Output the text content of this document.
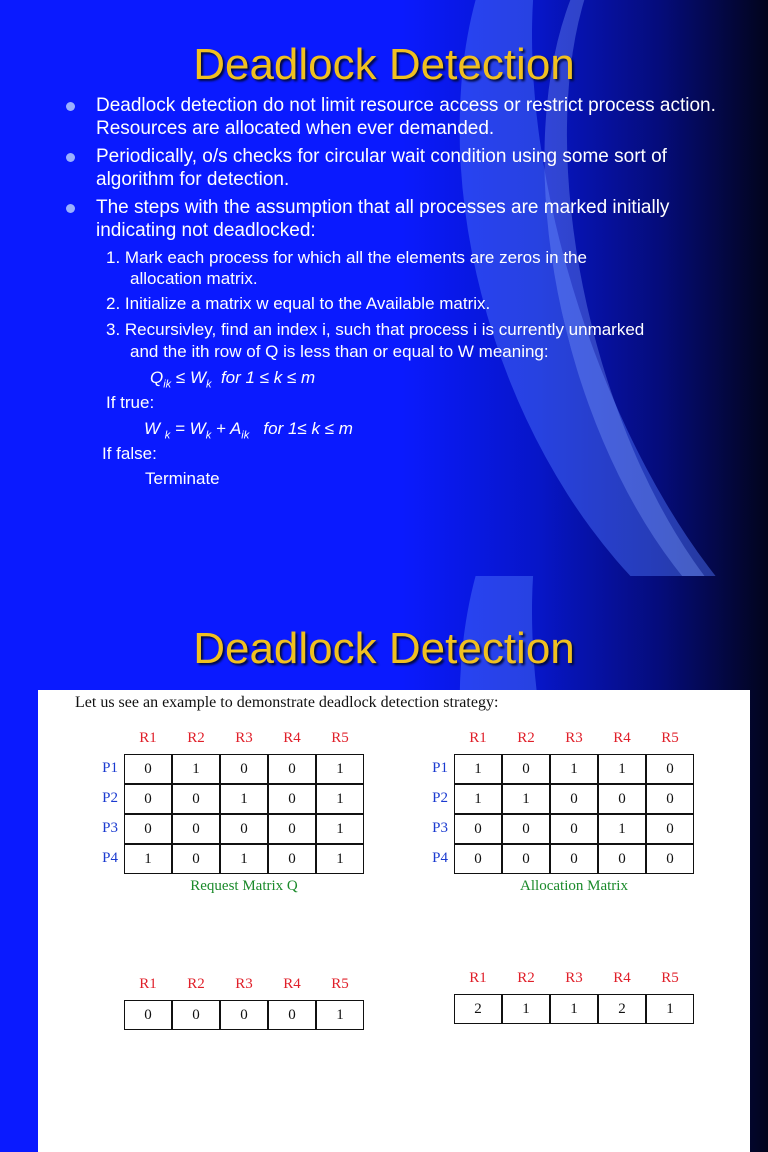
Deadlock Detection
Deadlock detection do not limit resource access or restrict process action. Resources are allocated when ever demanded.
Periodically, o/s checks for circular wait condition using some sort of algorithm for detection.
The steps with the assumption that all processes are marked initially indicating not deadlocked:
1. Mark each process for which all the elements are zeros in the
allocation matrix.
2. Initialize a matrix w equal to the Available matrix.
3. Recursivley, find an index i, such that process i is currently unmarked
and the ith row of Q is less than or equal to W meaning:
$Q_{ik} \le W_k$  for 1 ≤ k ≤ m
If true:
W $_k = W_k + A_{ik}$   for 1≤ k ≤ m
If false:
Terminate
Deadlock Detection
Let us see an example to demonstrate deadlock detection strategy:
R1	R2	R3	R4	R5
P1	0	1	0	0	1
P2	0	0	1	0	1
P3	0	0	0	0	1
P4	1	0	1	0	1
Request Matrix Q
R1	R2	R3	R4	R5
P1	1	0	1	1	0
P2	1	1	0	0	0
P3	0	0	0	1	0
P4	0	0	0	0	0
Allocation Matrix
R1	R2	R3	R4	R5
0	0	0	0	1
R1	R2	R3	R4	R5
2	1	1	2	1
